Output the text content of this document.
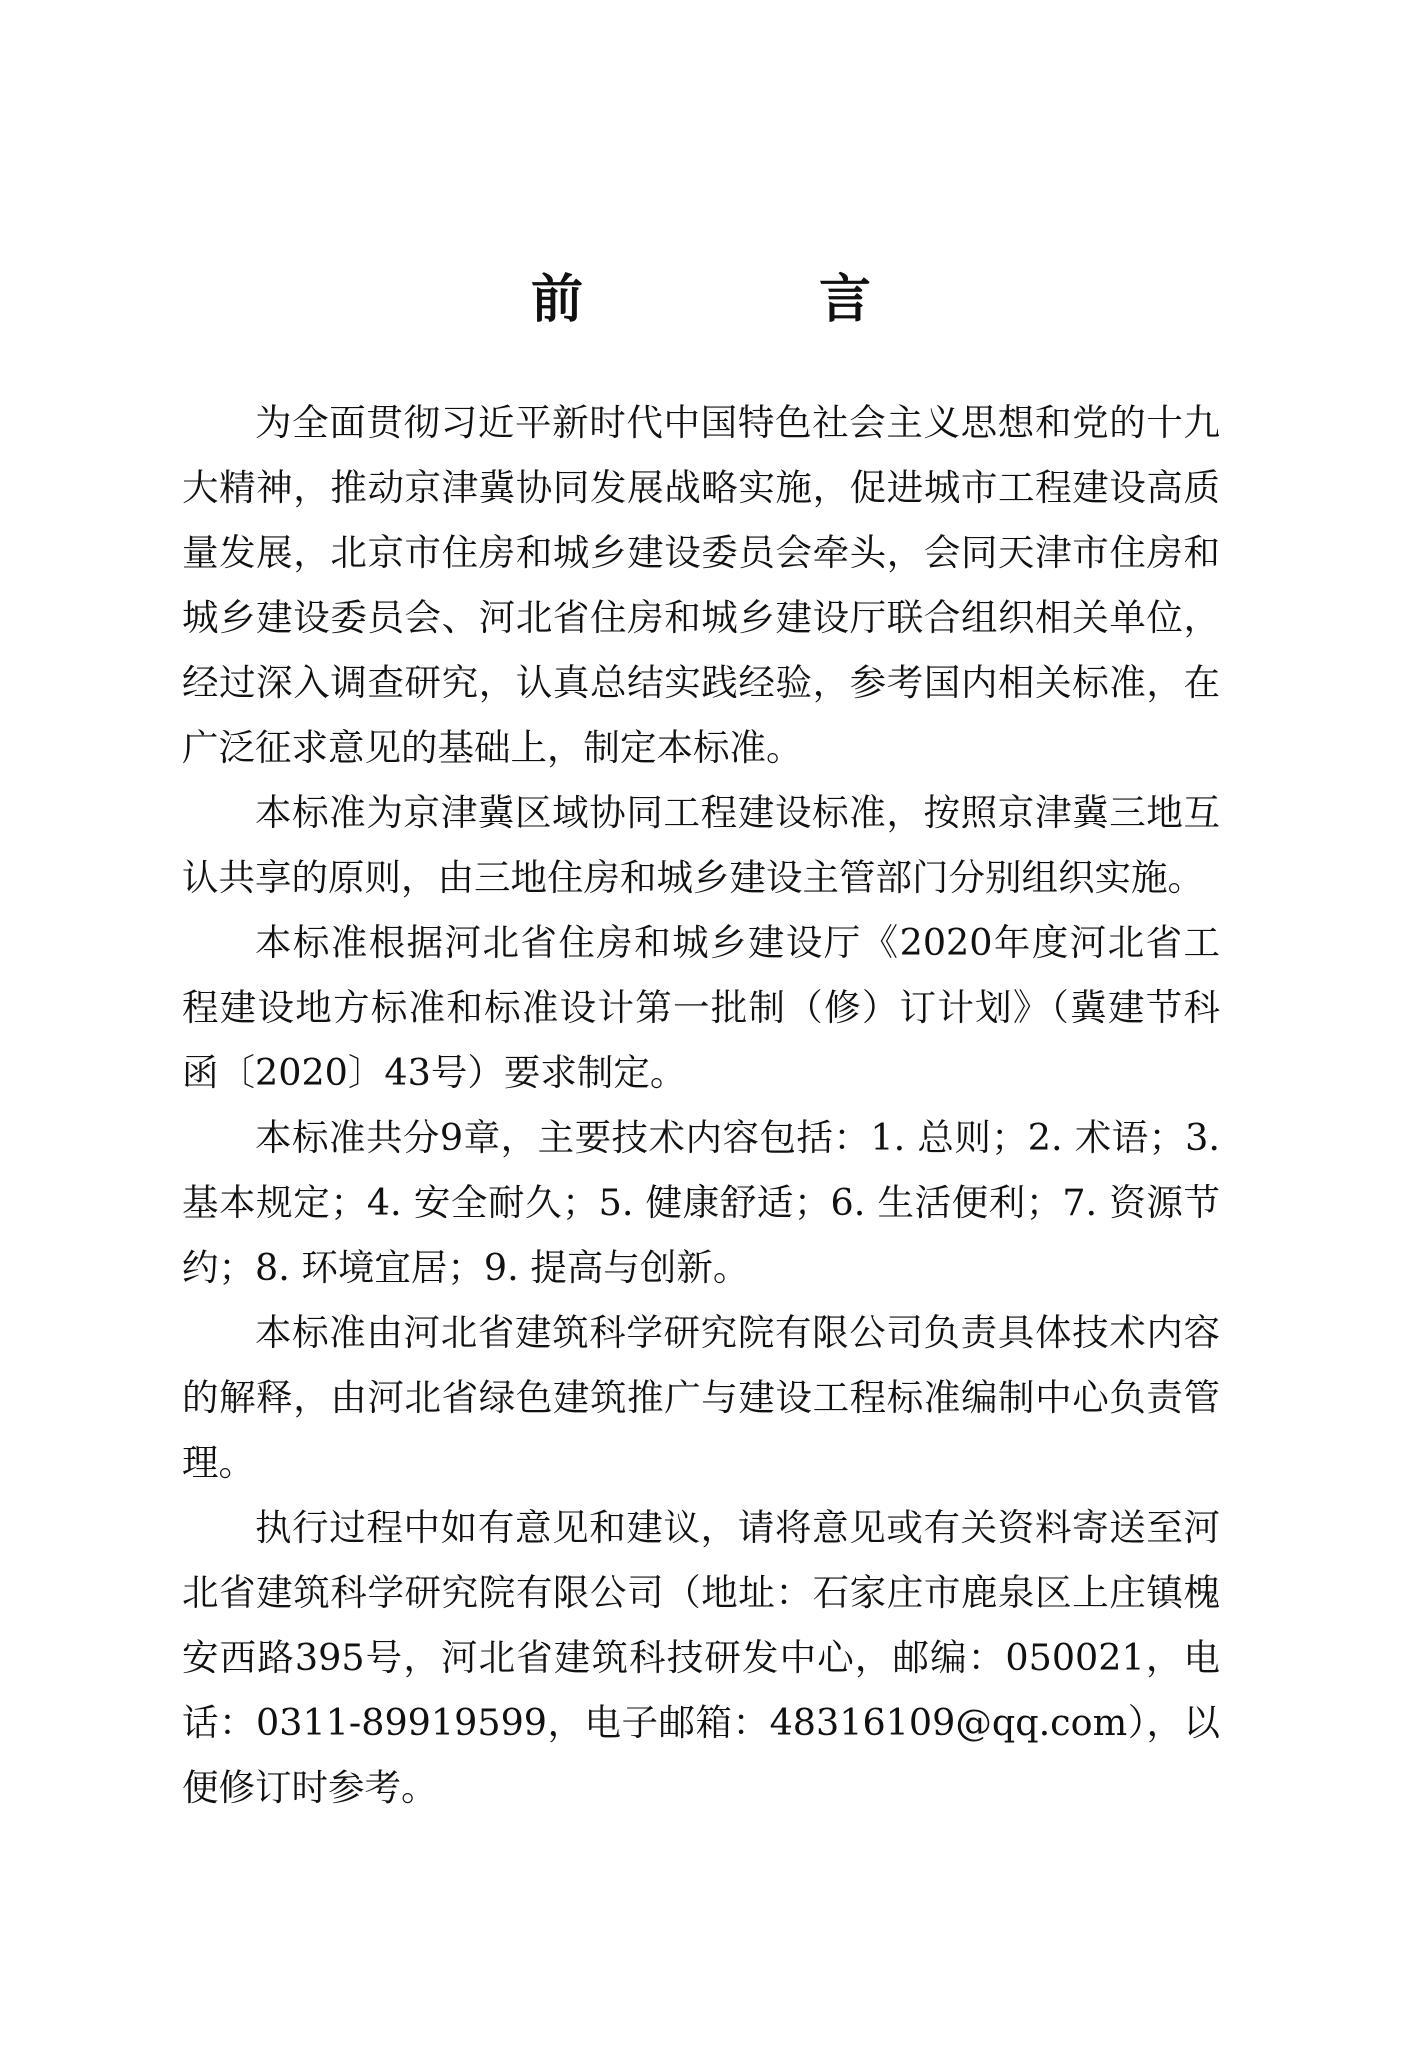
前　言

为全面贯彻习近平新时代中国特色社会主义思想和党的十九大精神，推动京津冀协同发展战略实施，促进城市工程建设高质量发展，北京市住房和城乡建设委员会牵头，会同天津市住房和城乡建设委员会、河北省住房和城乡建设厅联合组织相关单位，经过深入调查研究，认真总结实践经验，参考国内相关标准，在广泛征求意见的基础上，制定本标准。

本标准为京津冀区域协同工程建设标准，按照京津冀三地互认共享的原则，由三地住房和城乡建设主管部门分别组织实施。

本标准根据河北省住房和城乡建设厅《2020年度河北省工程建设地方标准和标准设计第一批制（修）订计划》（冀建节科函〔2020〕43号）要求制定。

本标准共分9章，主要技术内容包括：1. 总则；2. 术语；3. 基本规定；4. 安全耐久；5. 健康舒适；6. 生活便利；7. 资源节约；8. 环境宜居；9. 提高与创新。

本标准由河北省建筑科学研究院有限公司负责具体技术内容的解释，由河北省绿色建筑推广与建设工程标准编制中心负责管理。

执行过程中如有意见和建议，请将意见或有关资料寄送至河北省建筑科学研究院有限公司（地址：石家庄市鹿泉区上庄镇槐安西路395号，河北省建筑科技研发中心，邮编：050021，电话：0311-89919599，电子邮箱：48316109@qq.com），以便修订时参考。
